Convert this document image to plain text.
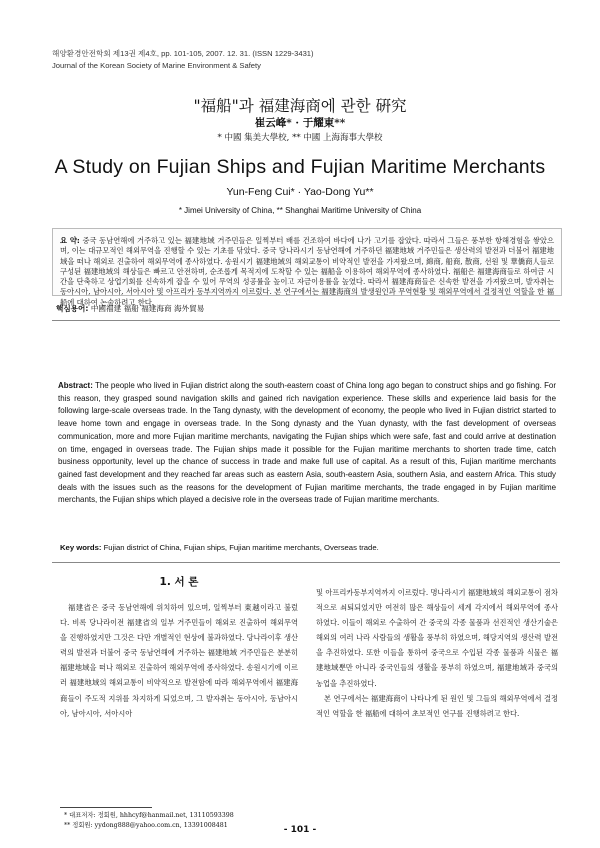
해양환경안전학회 제13권 제4호, pp. 101-105, 2007. 12. 31. (ISSN 1229-3431)
Journal of the Korean Society of Marine Environment & Safety
"福船"과 福建海商에 관한 硏究
崔云峰* · 于耀東**
* 中國 集美大學校, ** 中國 上海海事大學校
A Study on Fujian Ships and Fujian Maritime Merchants
Yun-Feng Cui* · Yao-Dong Yu**
* Jimei University of China, ** Shanghai Maritime University of China
요 약: 중국 동남연해에 거주하고 있는 福建地域 거주민들은 일찍부터 배를 건조하여 바다에 나가 고기를 잡았다. 따라서 그들은 풍부한 항해경험을 쌓았으며, 이는 대규모적인 해외무역을 진행할 수 있는 기초를 닦았다. 중국 당나라시기 동남연해에 거주하던 福建地域 거주민들은 생산력의 발전과 더불어 福建地域을 떠나 해외로 진출하여 해외무역에 종사하였다. 송원시기 福建地域의 해외교통이 비약적인 발전을 가져왔으며, 綿商, 船商, 散商, 선원 및 華僑商人들로 구성된 福建地域의 해상들은 빠르고 안전하며, 순조롭게 목적지에 도착할 수 있는 福船을 이용하여 해외무역에 종사하였다. 福船은 福建海商들로 하여금 시간을 단축하고 상업기회를 신속하게 잡을 수 있어 무역의 성공률을 높이고 자금이용률을 높였다. 따라서 福建海商들은 신속한 발전을 가져왔으며, 발자취는 동아시아, 남아시아, 서아시아 및 아프리카 동부지역까지 이르렀다. 본 연구에서는 福建海商의 발생원인과 무역현황 및 해외무역에서 결정적인 역할을 한 福船에 대하여 논술하려고 한다.
핵심용어: 中國福建 福船 福建海商 海外貿易
Abstract: The people who lived in Fujian district along the south-eastern coast of China long ago began to construct ships and go fishing. For this reason, they grasped sound navigation skills and gained rich navigation experience. These skills and experience laid basis for the following large-scale overseas trade. In the Tang dynasty, with the development of economy, the people who lived in Fujian district started to leave home town and engage in overseas trade. In the Song dynasty and the Yuan dynasty, with the fast development of overseas communication, more and more Fujian maritime merchants, navigating the Fujian ships which were safe, fast and could arrive at destination on time, engaged in overseas trade. The Fujian ships made it possible for the Fujian maritime merchants to shorten trade time, catch business opportunity, level up the chance of success in trade and make full use of capital. As a result of this, Fujian maritime merchants gained fast development and they reached far areas such as eastern Asia, south-eastern Asia, southern Asia, and eastern Africa. This study deals with the issues such as the reasons for the development of Fujian maritime merchants, the trade engaged in by Fujian maritime merchants, the Fujian ships which played a decisive role in the overseas trade of Fujian maritime merchants.
Key words: Fujian district of China, Fujian ships, Fujian maritime merchants, Overseas trade.
1. 서 론

福建省은 중국 동남연해에 위치하여 있으며, 일찍부터 東越이라고 불렀다. 비록 당나라이전 福建省의 일부 거주민들이 해외로 진출하여 해외무역을 진행하였지만 그것은 다만 개별적인 현상에 불과하였다. 당나라이후 생산력의 발전과 더불어 중국 동남연해에 거주하는 福建地域 거주민들은 분분히 福建地域을 떠나 해외로 진출하여 해외무역에 종사하였다. 송원시기에 이르러 福建地域의 해외교통이 비약적으로 발전함에 따라 해외무역에서 福建海商들이 주도적 지위를 차지하게 되었으며, 그 발자취는 동아시아, 동남아시아, 남아시아, 서아시아

및 아프리카동부지역까지 이르렀다. 명나라시기 福建地域의 해외교통이 점차적으로 쇠퇴되었지만 여전히 많은 해상들이 세계 각지에서 해외무역에 종사하였다. 이들이 해외로 수출하여 간 중국의 각종 물품과 선진적인 생산기술은 해외의 여러 나라 사람들의 생활을 풍부히 하였으며, 해당지역의 생산력 발전을 추진하였다. 또한 이들을 통하여 중국으로 수입된 각종 물품과 식물은 福建地域뿐만 아니라 중국인들의 생활을 풍부히 하였으며, 福建地域과 중국의 농업을 추진하였다.

본 연구에서는 福建海商이 나타나게 된 원인 및 그들의 해외무역에서 결정적인 역할을 한 福船에 대하여 초보적인 연구를 진행하려고 한다.

* 대표저자: 정회원, hhhcyf@hanmail.net, 13110593398
** 정회원: yydong888@yahoo.com.cn, 13391008481	- 101 -
